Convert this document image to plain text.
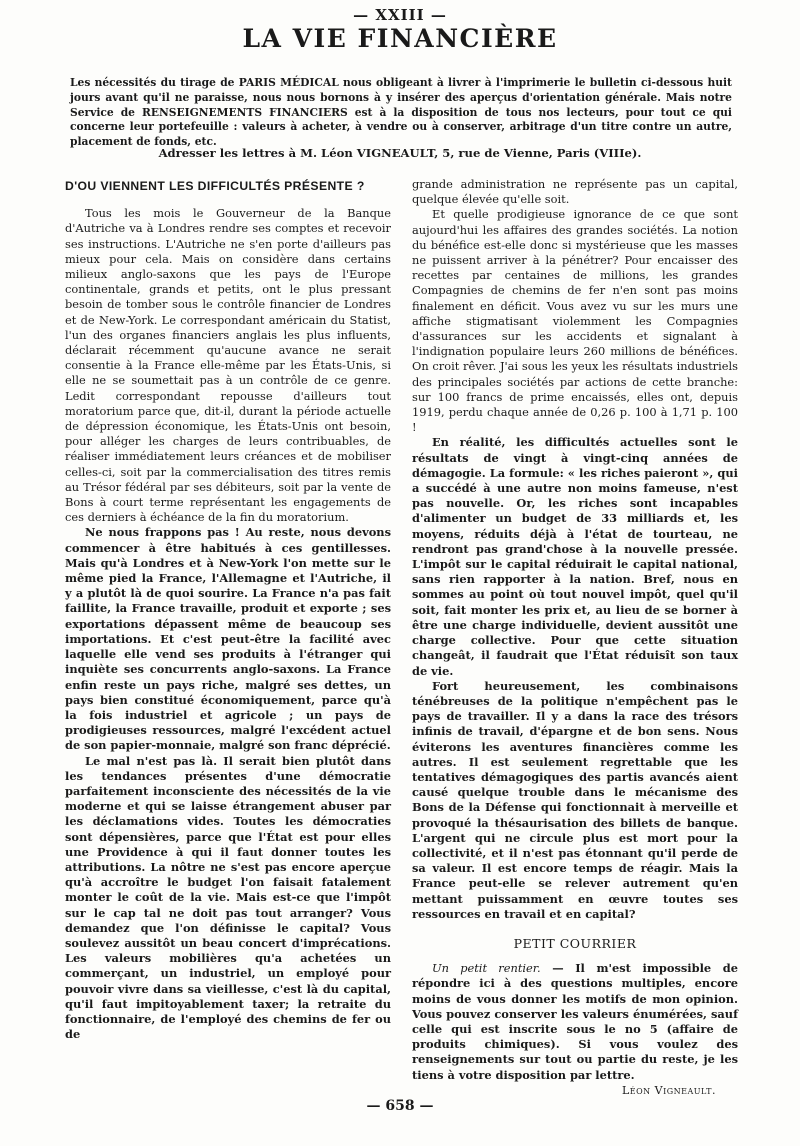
— XXIII —
LA VIE FINANCIÈRE
Les nécessités du tirage de PARIS MÉDICAL nous obligeant à livrer à l'imprimerie le bulletin ci-dessous huit jours avant qu'il ne paraisse, nous nous bornons à y insérer des aperçus d'orientation générale. Mais notre Service de RENSEIGNEMENTS FINANCIERS est à la disposition de tous nos lecteurs, pour tout ce qui concerne leur portefeuille : valeurs à acheter, à vendre ou à conserver, arbitrage d'un titre contre un autre, placement de fonds, etc.
Adresser les lettres à M. Léon VIGNEAULT, 5, rue de Vienne, Paris (VIIIe).
D'OU VIENNENT LES DIFFICULTÉS PRÉSENTE ?

Tous les mois le Gouverneur de la Banque d'Autriche va à Londres rendre ses comptes et recevoir ses instructions. L'Autriche ne s'en porte d'ailleurs pas mieux pour cela. Mais on considère dans certains milieux anglo-saxons que les pays de l'Europe continentale, grands et petits, ont le plus pressant besoin de tomber sous le contrôle financier de Londres et de New-York. Le correspondant américain du Statist, l'un des organes financiers anglais les plus influents, déclarait récemment qu'aucune avance ne serait consentie à la France elle-même par les États-Unis, si elle ne se soumettait pas à un contrôle de ce genre. Ledit correspondant repousse d'ailleurs tout moratorium parce que, dit-il, durant la période actuelle de dépression économique, les États-Unis ont besoin, pour alléger les charges de leurs contribuables, de réaliser immédiatement leurs créances et de mobiliser celles-ci, soit par la commercialisation des titres remis au Trésor fédéral par ses débiteurs, soit par la vente de Bons à court terme représentant les engagements de ces derniers à échéance de la fin du moratorium.

Ne nous frappons pas ! Au reste, nous devons commencer à être habitués à ces gentillesses. Mais qu'à Londres et à New-York l'on mette sur le même pied la France, l'Allemagne et l'Autriche, il y a plutôt là de quoi sourire. La France n'a pas fait faillite, la France travaille, produit et exporte ; ses exportations dépassent même de beaucoup ses importations. Et c'est peut-être la facilité avec laquelle elle vend ses produits à l'étranger qui inquiète ses concurrents anglo-saxons. La France enfin reste un pays riche, malgré ses dettes, un pays bien constitué économiquement, parce qu'à la fois industriel et agricole ; un pays de prodigieuses ressources, malgré l'excédent actuel de son papier-monnaie, malgré son franc déprécié.

Le mal n'est pas là. Il serait bien plutôt dans les tendances présentes d'une démocratie parfaitement inconsciente des nécessités de la vie moderne et qui se laisse étrangement abuser par les déclamations vides. Toutes les démocraties sont dépensières, parce que l'État est pour elles une Providence à qui il faut donner toutes les attributions. La nôtre ne s'est pas encore aperçue qu'à accroître le budget l'on faisait fatalement monter le coût de la vie. Mais est-ce que l'impôt sur le cap tal ne doit pas tout arranger? Vous demandez que l'on définisse le capital? Vous soulevez aussitôt un beau concert d'imprécations. Les valeurs mobilières qu'a achetées un commerçant, un industriel, un employé pour pouvoir vivre dans sa vieillesse, c'est là du capital, qu'il faut impitoyablement taxer; la retraite du fonctionnaire, de l'employé des chemins de fer ou de

grande administration ne représente pas un capital, quelque élevée qu'elle soit.

Et quelle prodigieuse ignorance de ce que sont aujourd'hui les affaires des grandes sociétés. La notion du bénéfice est-elle donc si mystérieuse que les masses ne puissent arriver à la pénétrer? Pour encaisser des recettes par centaines de millions, les grandes Compagnies de chemins de fer n'en sont pas moins finalement en déficit. Vous avez vu sur les murs une affiche stigmatisant violemment les Compagnies d'assurances sur les accidents et signalant à l'indignation populaire leurs 260 millions de bénéfices. On croit rêver. J'ai sous les yeux les résultats industriels des principales sociétés par actions de cette branche: sur 100 francs de prime encaissés, elles ont, depuis 1919, perdu chaque année de 0,26 p. 100 à 1,71 p. 100 !

En réalité, les difficultés actuelles sont le résultats de vingt à vingt-cinq années de démagogie. La formule: « les riches paieront », qui a succédé à une autre non moins fameuse, n'est pas nouvelle. Or, les riches sont incapables d'alimenter un budget de 33 milliards et, les moyens, réduits déjà à l'état de tourteau, ne rendront pas grand'chose à la nouvelle pressée. L'impôt sur le capital réduirait le capital national, sans rien rapporter à la nation. Bref, nous en sommes au point où tout nouvel impôt, quel qu'il soit, fait monter les prix et, au lieu de se borner à être une charge individuelle, devient aussitôt une charge collective. Pour que cette situation changeât, il faudrait que l'État réduisît son taux de vie.

Fort heureusement, les combinaisons ténébreuses de la politique n'empêchent pas le pays de travailler. Il y a dans la race des trésors infinis de travail, d'épargne et de bon sens. Nous éviterons les aventures financières comme les autres. Il est seulement regrettable que les tentatives démagogiques des partis avancés aient causé quelque trouble dans le mécanisme des Bons de la Défense qui fonctionnait à merveille et provoqué la thésaurisation des billets de banque. L'argent qui ne circule plus est mort pour la collectivité, et il n'est pas étonnant qu'il perde de sa valeur. Il est encore temps de réagir. Mais la France peut-elle se relever autrement qu'en mettant puissamment en œuvre toutes ses ressources en travail et en capital?

PETIT COURRIER

Un petit rentier. — Il m'est impossible de répondre ici à des questions multiples, encore moins de vous donner les motifs de mon opinion. Vous pouvez conserver les valeurs énumérées, sauf celle qui est inscrite sous le no 5 (affaire de produits chimiques). Si vous voulez des renseignements sur tout ou partie du reste, je les tiens à votre disposition par lettre.

Léon Vigneault.
— 658 —
